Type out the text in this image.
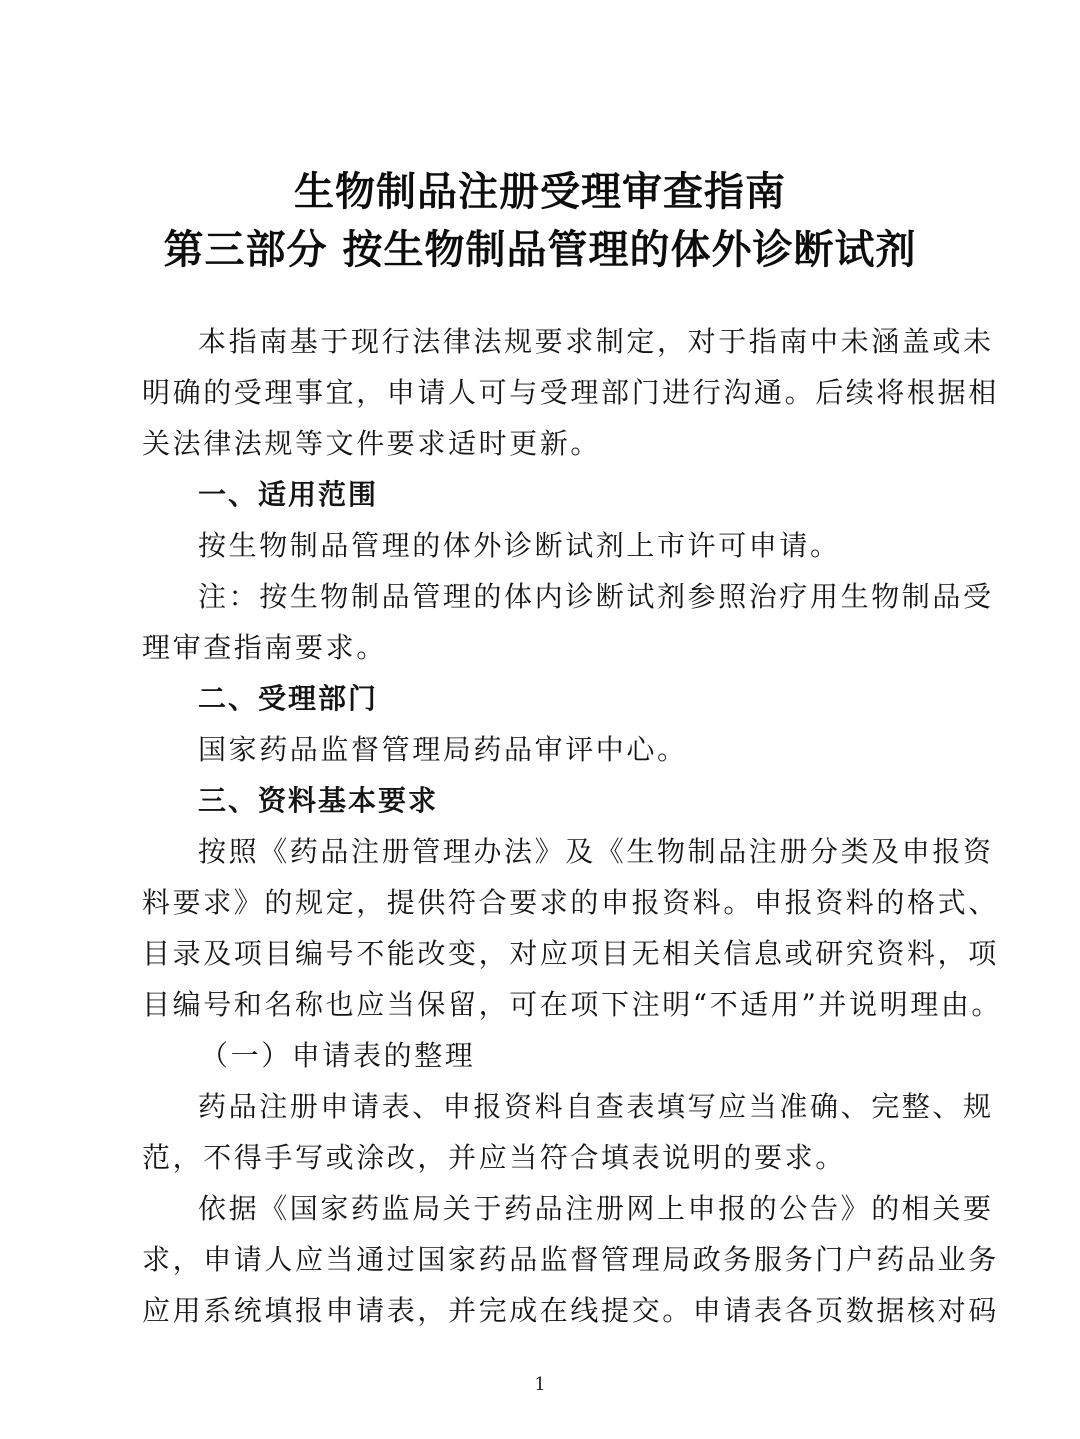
生物制品注册受理审查指南
第三部分 按生物制品管理的体外诊断试剂
本指南基于现行法律法规要求制定，对于指南中未涵盖或未
明确的受理事宜，申请人可与受理部门进行沟通。后续将根据相
关法律法规等文件要求适时更新。
一、适用范围
按生物制品管理的体外诊断试剂上市许可申请。
注：按生物制品管理的体内诊断试剂参照治疗用生物制品受
理审查指南要求。
二、受理部门
国家药品监督管理局药品审评中心。
三、资料基本要求
按照《药品注册管理办法》及《生物制品注册分类及申报资
料要求》的规定，提供符合要求的申报资料。申报资料的格式、
目录及项目编号不能改变，对应项目无相关信息或研究资料，项
目编号和名称也应当保留，可在项下注明“不适用”并说明理由。
（一）申请表的整理
药品注册申请表、申报资料自查表填写应当准确、完整、规
范，不得手写或涂改，并应当符合填表说明的要求。
依据《国家药监局关于药品注册网上申报的公告》的相关要
求，申请人应当通过国家药品监督管理局政务服务门户药品业务
应用系统填报申请表，并完成在线提交。申请表各页数据核对码
1
